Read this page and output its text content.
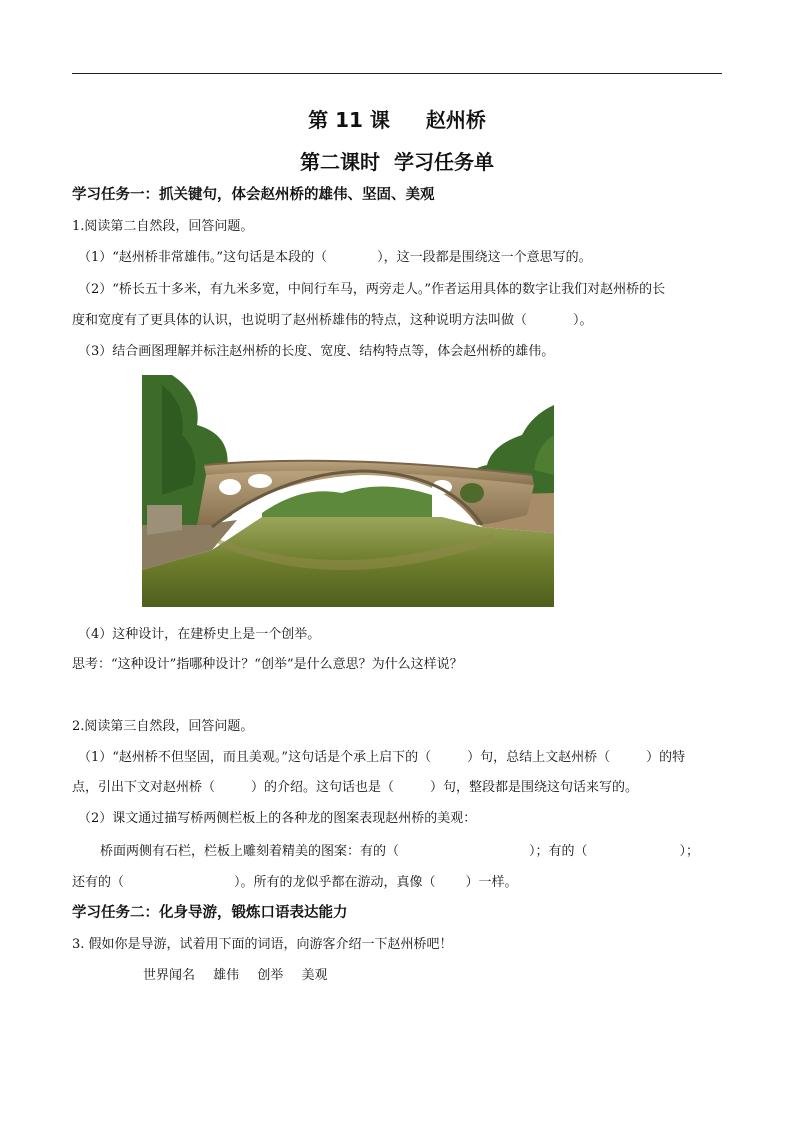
第 11 课 赵州桥
第二课时 学习任务单
学习任务一：抓关键句，体会赵州桥的雄伟、坚固、美观
1.阅读第二自然段，回答问题。
（1）“赵州桥非常雄伟。”这句话是本段的（	），这一段都是围绕这一个意思写的。
（2）“桥长五十多米，有九米多宽，中间行车马，两旁走人。”作者运用具体的数字让我们对赵州桥的长
度和宽度有了更具体的认识，也说明了赵州桥雄伟的特点，这种说明方法叫做（	）。
（3）结合画图理解并标注赵州桥的长度、宽度、结构特点等，体会赵州桥的雄伟。
（4）这种设计，在建桥史上是一个创举。
思考：“这种设计”指哪种设计？“创举”是什么意思？为什么这样说？
2.阅读第三自然段，回答问题。
（1）“赵州桥不但坚固，而且美观。”这句话是个承上启下的（	）句，总结上文赵州桥（	）的特
点，引出下文对赵州桥（	）的介绍。这句话也是（	）句，整段都是围绕这句话来写的。
（2）课文通过描写桥两侧栏板上的各种龙的图案表现赵州桥的美观：
桥面两侧有石栏，栏板上雕刻着精美的图案：有的（	）；有的（	）；
还有的（	）。所有的龙似乎都在游动，真像（ ）一样。
学习任务二：化身导游，锻炼口语表达能力
3. 假如你是导游，试着用下面的词语，向游客介绍一下赵州桥吧！
世界闻名 雄伟 创举 美观
